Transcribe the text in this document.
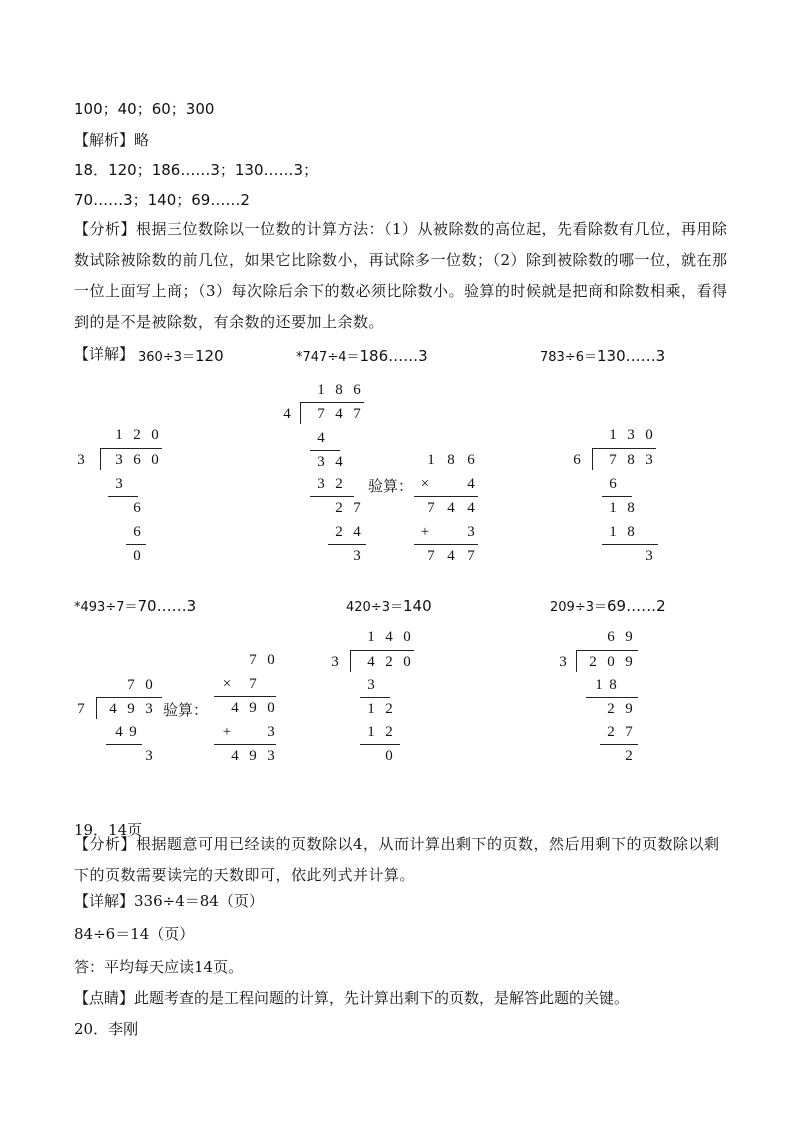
100；40；60；300
【解析】略
18．120；186……3；130……3；
70……3；140；69……2
【分析】根据三位数除以一位数的计算方法：（1）从被除数的高位起，先看除数有几位，再用除数试除被除数的前几位，如果它比除数小，再试除多一位数；（2）除到被除数的哪一位，就在那一位上面写上商；（3）每次除后余下的数必须比除数小。验算的时候就是把商和除数相乘，看得到的是不是被除数，有余数的还要加上余数。
【详解】 360÷3＝120	*747÷4＝186……3	783÷6＝130……3
1 2 0
3 3 6 0
3
6
6
0
1 8 6
4 7 4 7
4
3 4
3 2
2 7
2 4
3
验算：
1 8 6
×	4
7 4 4
+	3
7 4 7
1 3 0
6 7 8 3
6
1 8
1 8
3
*493÷7＝70……3	420÷3＝140	209÷3＝69……2
7 0
7 4 9 3
4 9
3
验算：
7 0
× 7
4 9 0
+ 3
4 9 3
1 4 0
3 4 2 0
3
1 2
1 2
0
6 9
3 2 0 9
1 8
2 9
2 7
2
19．14页
【分析】根据题意可用已经读的页数除以4，从而计算出剩下的页数，然后用剩下的页数除以剩下的页数需要读完的天数即可，依此列式并计算。
【详解】336÷4＝84（页）
84÷6＝14（页）
答：平均每天应读14页。
【点睛】此题考查的是工程问题的计算，先计算出剩下的页数，是解答此题的关键。
20．李刚
